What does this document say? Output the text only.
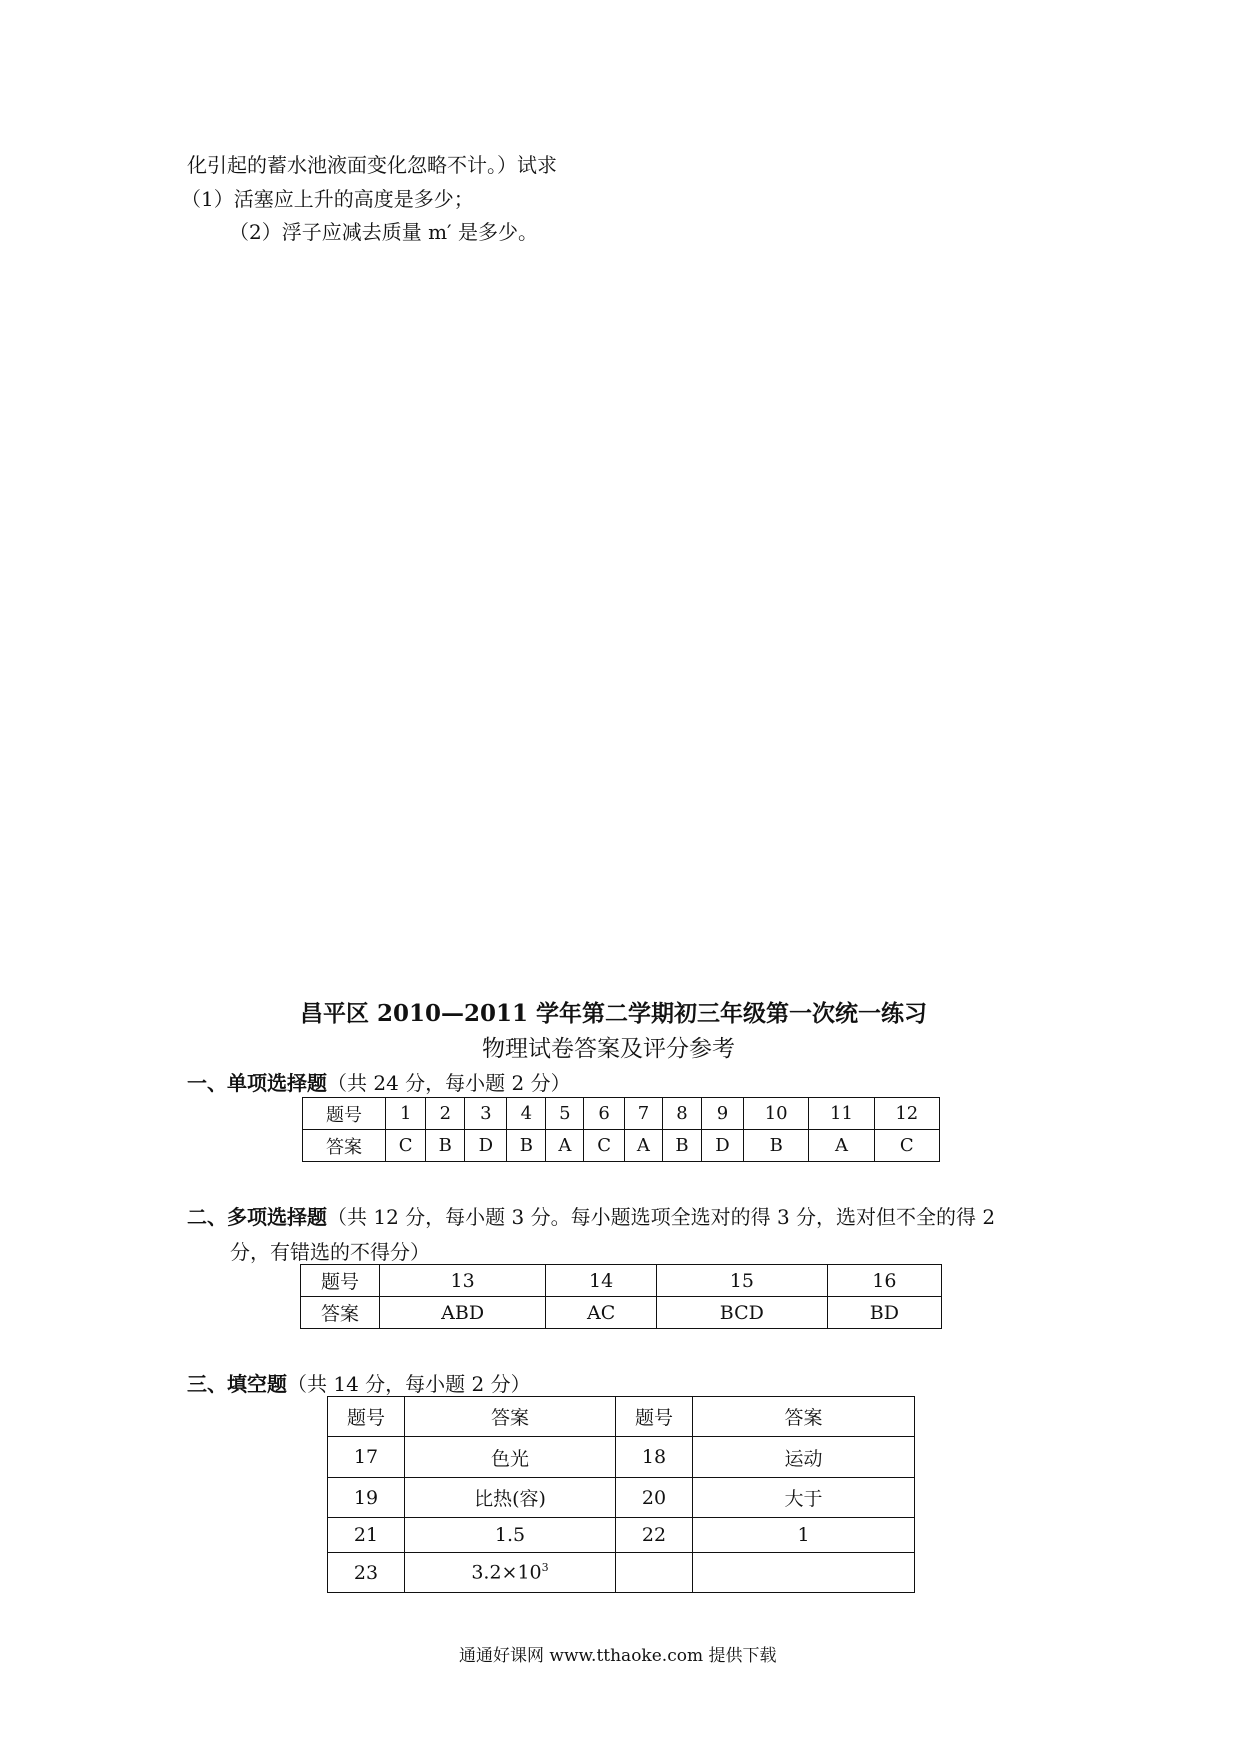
化引起的蓄水池液面变化忽略不计。）试求
（1）活塞应上升的高度是多少；
（2）浮子应减去质量 m′ 是多少。
昌平区 2010—2011 学年第二学期初三年级第一次统一练习
物理试卷答案及评分参考
一、单项选择题（共 24 分，每小题 2 分）
题号	1	2	3	4	5	6	7	8	9	10	11	12
答案	C	B	D	B	A	C	A	B	D	B	A	C
二、多项选择题（共 12 分，每小题 3 分。每小题选项全选对的得 3 分，选对但不全的得 2
分，有错选的不得分）
题号	13	14	15	16
答案	ABD	AC	BCD	BD
三、填空题（共 14 分，每小题 2 分）
题号	答案	题号	答案
17	色光	18	运动
19	比热(容)	20	大于
21	1.5	22	1
23	$3.2\times 10^3$		
通通好课网 www.tthaoke.com 提供下载
